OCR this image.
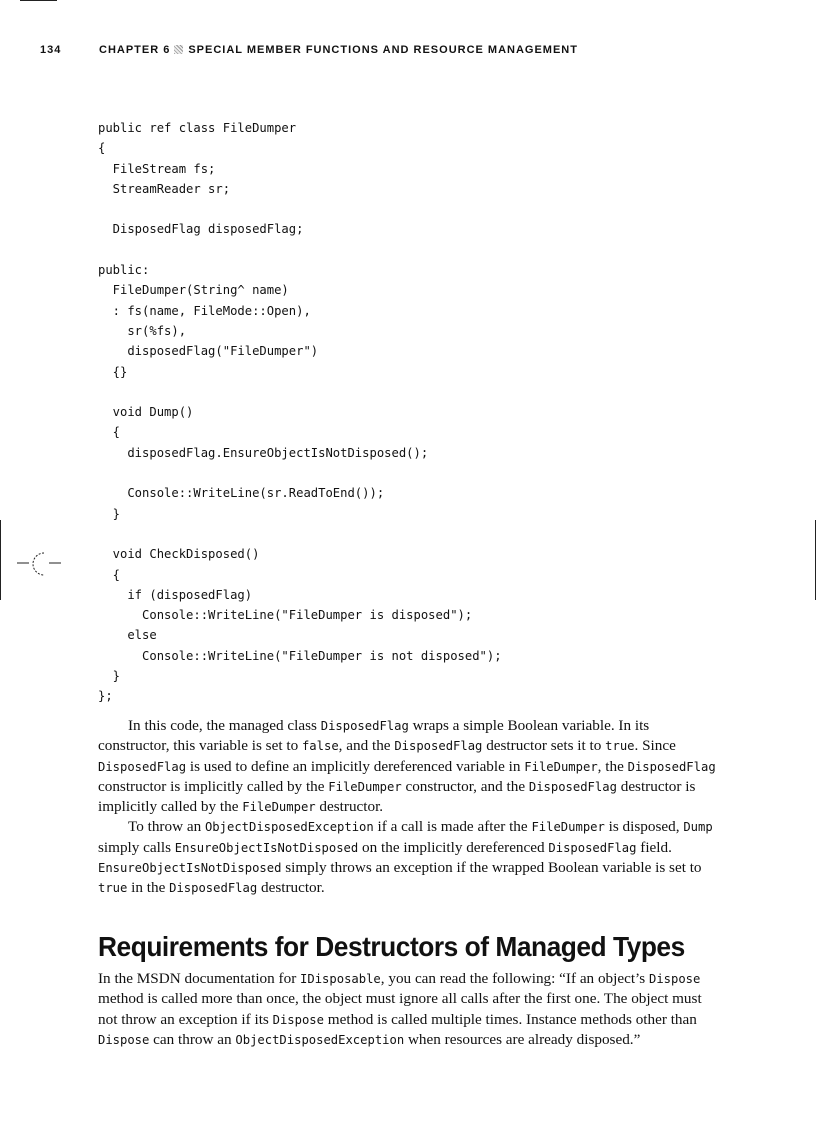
134	CHAPTER 6 SPECIAL MEMBER FUNCTIONS AND RESOURCE MANAGEMENT
public ref class FileDumper
{
FileStream fs;
StreamReader sr;

DisposedFlag disposedFlag;

public:
FileDumper(String^ name)
: fs(name, FileMode::Open),
sr(%fs),
disposedFlag("FileDumper")
{}

void Dump()
{
disposedFlag.EnsureObjectIsNotDisposed();

Console::WriteLine(sr.ReadToEnd());
}

void CheckDisposed()
{
if (disposedFlag)
Console::WriteLine("FileDumper is disposed");
else
Console::WriteLine("FileDumper is not disposed");
}
};

In this code, the managed class DisposedFlag wraps a simple Boolean variable. In its constructor, this variable is set to false, and the DisposedFlag destructor sets it to true. Since DisposedFlag is used to define an implicitly dereferenced variable in FileDumper, the DisposedFlag constructor is implicitly called by the FileDumper constructor, and the DisposedFlag destructor is implicitly called by the FileDumper destructor.

To throw an ObjectDisposedException if a call is made after the FileDumper is disposed, Dump simply calls EnsureObjectIsNotDisposed on the implicitly dereferenced DisposedFlag field. EnsureObjectIsNotDisposed simply throws an exception if the wrapped Boolean variable is set to true in the DisposedFlag destructor.

Requirements for Destructors of Managed Types

In the MSDN documentation for IDisposable, you can read the following: “If an object’s Dispose method is called more than once, the object must ignore all calls after the first one. The object must not throw an exception if its Dispose method is called multiple times. Instance methods other than Dispose can throw an ObjectDisposedException when resources are already disposed.”
